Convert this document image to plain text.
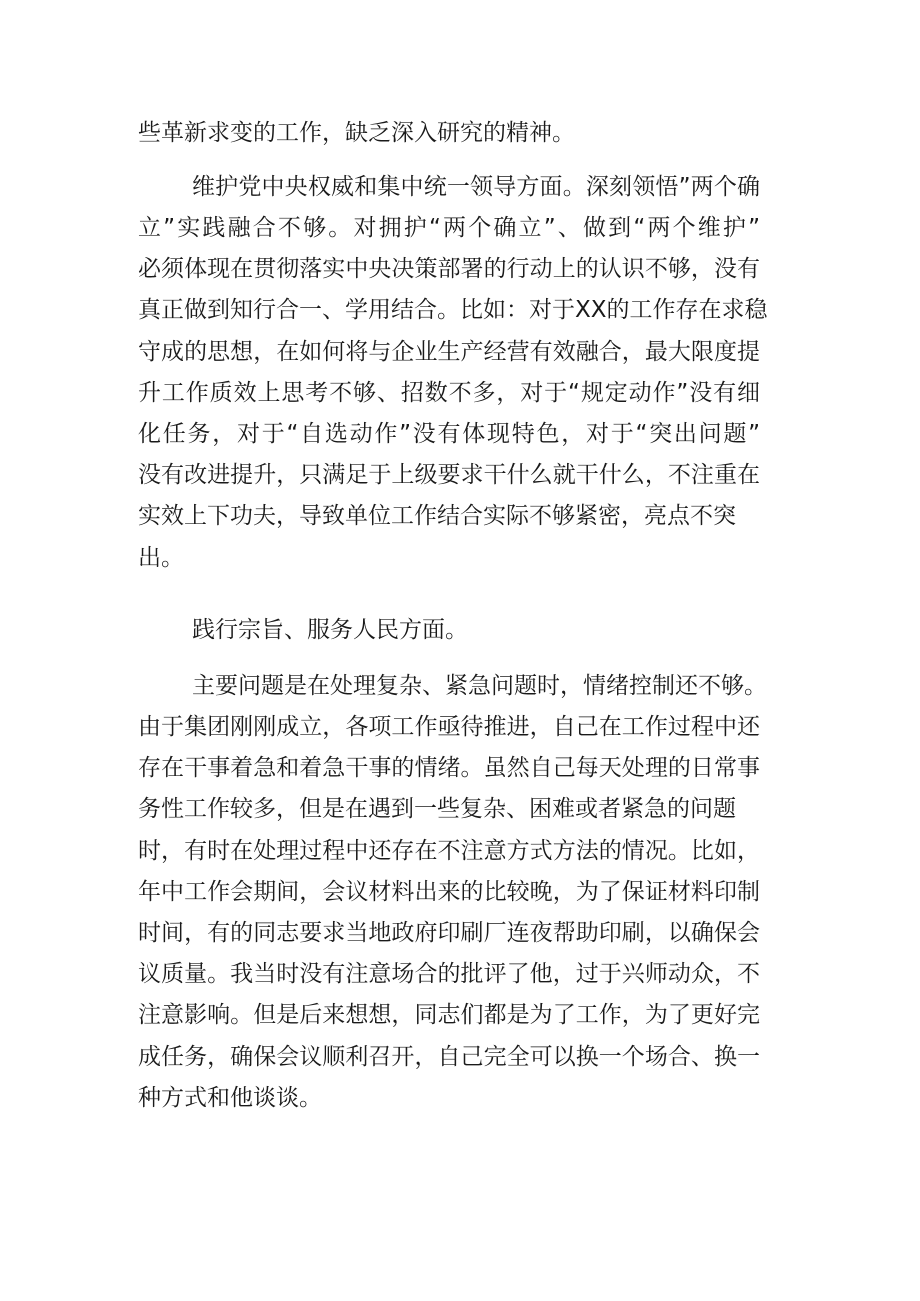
些革新求变的工作，缺乏深入研究的精神。
维护党中央权威和集中统一领导方面。深刻领悟”两个确
立”实践融合不够。对拥护“两个确立”、做到“两个维护”
必须体现在贯彻落实中央决策部署的行动上的认识不够，没有
真正做到知行合一、学用结合。比如：对于XX的工作存在求稳
守成的思想，在如何将与企业生产经营有效融合，最大限度提
升工作质效上思考不够、招数不多，对于“规定动作”没有细
化任务，对于“自选动作”没有体现特色，对于“突出问题”
没有改进提升，只满足于上级要求干什么就干什么，不注重在
实效上下功夫，导致单位工作结合实际不够紧密，亮点不突
出。
践行宗旨、服务人民方面。
主要问题是在处理复杂、紧急问题时，情绪控制还不够。
由于集团刚刚成立，各项工作亟待推进，自己在工作过程中还
存在干事着急和着急干事的情绪。虽然自己每天处理的日常事
务性工作较多，但是在遇到一些复杂、困难或者紧急的问题
时，有时在处理过程中还存在不注意方式方法的情况。比如，
年中工作会期间，会议材料出来的比较晚，为了保证材料印制
时间，有的同志要求当地政府印刷厂连夜帮助印刷，以确保会
议质量。我当时没有注意场合的批评了他，过于兴师动众，不
注意影响。但是后来想想，同志们都是为了工作，为了更好完
成任务，确保会议顺利召开，自己完全可以换一个场合、换一
种方式和他谈谈。
